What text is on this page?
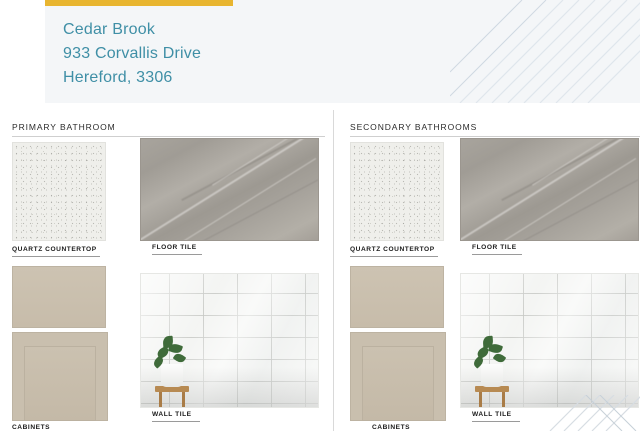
Cedar Brook
933 Corvallis Drive
Hereford, 3306
PRIMARY BATHROOM
QUARTZ COUNTERTOP	FLOOR TILE
CABINETS
WALL TILE
SECONDARY BATHROOMS
QUARTZ COUNTERTOP	FLOOR TILE
CABINETS
WALL TILE
